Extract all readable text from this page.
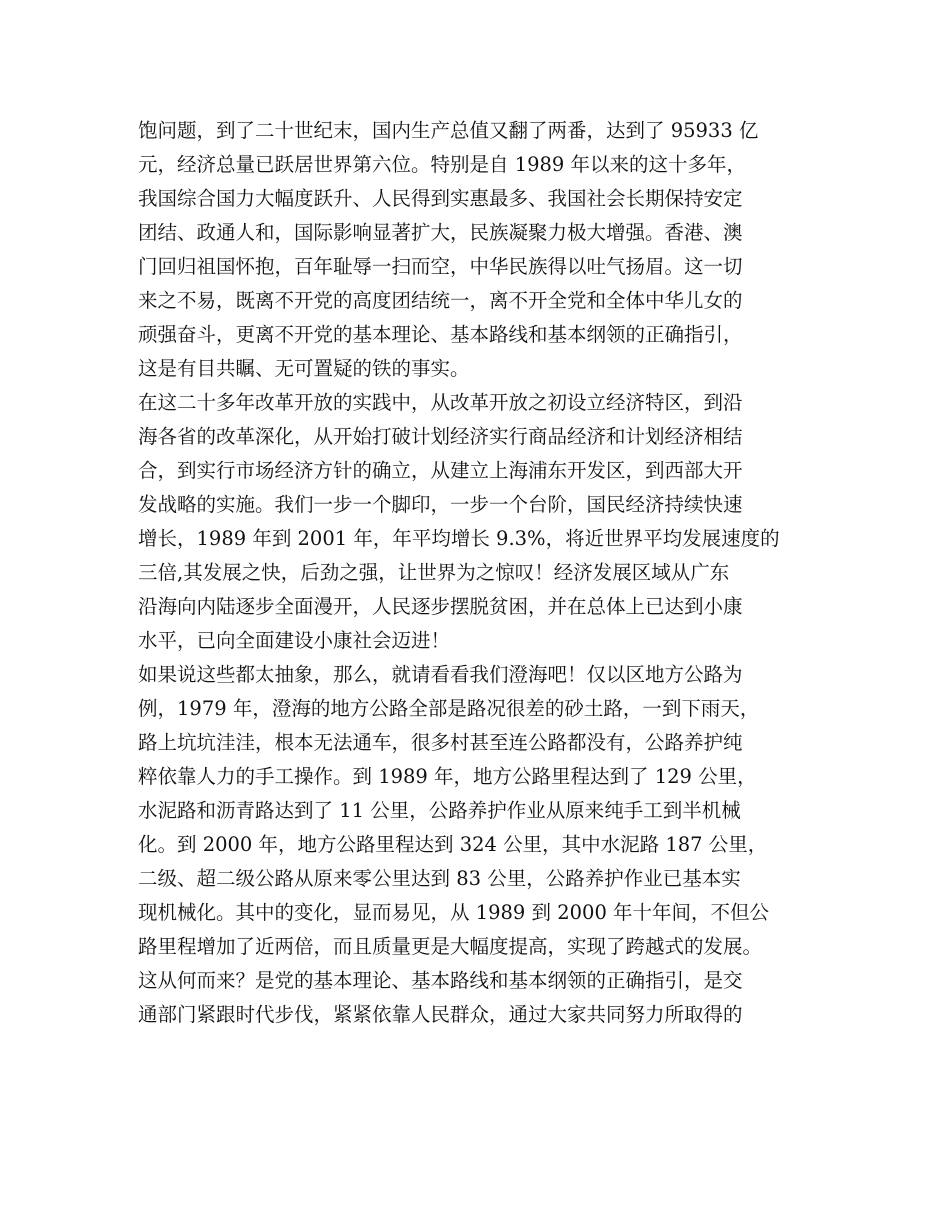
饱问题，到了二十世纪末，国内生产总值又翻了两番，达到了 95933 亿
元，经济总量已跃居世界第六位。特别是自 1989 年以来的这十多年，
我国综合国力大幅度跃升、人民得到实惠最多、我国社会长期保持安定
团结、政通人和，国际影响显著扩大，民族凝聚力极大增强。香港、澳
门回归祖国怀抱，百年耻辱一扫而空，中华民族得以吐气扬眉。这一切
来之不易，既离不开党的高度团结统一，离不开全党和全体中华儿女的
顽强奋斗，更离不开党的基本理论、基本路线和基本纲领的正确指引，
这是有目共瞩、无可置疑的铁的事实。
在这二十多年改革开放的实践中，从改革开放之初设立经济特区，到沿
海各省的改革深化，从开始打破计划经济实行商品经济和计划经济相结
合，到实行市场经济方针的确立，从建立上海浦东开发区，到西部大开
发战略的实施。我们一步一个脚印，一步一个台阶，国民经济持续快速
增长，1989 年到 2001 年，年平均增长 9.3%，将近世界平均发展速度的
三倍,其发展之快，后劲之强，让世界为之惊叹！经济发展区域从广东
沿海向内陆逐步全面漫开，人民逐步摆脱贫困，并在总体上已达到小康
水平，已向全面建设小康社会迈进！
如果说这些都太抽象，那么，就请看看我们澄海吧！仅以区地方公路为
例，1979 年，澄海的地方公路全部是路况很差的砂土路，一到下雨天，
路上坑坑洼洼，根本无法通车，很多村甚至连公路都没有，公路养护纯
粹依靠人力的手工操作。到 1989 年，地方公路里程达到了 129 公里，
水泥路和沥青路达到了 11 公里，公路养护作业从原来纯手工到半机械
化。到 2000 年，地方公路里程达到 324 公里，其中水泥路 187 公里，
二级、超二级公路从原来零公里达到 83 公里，公路养护作业已基本实
现机械化。其中的变化，显而易见，从 1989 到 2000 年十年间，不但公
路里程增加了近两倍，而且质量更是大幅度提高，实现了跨越式的发展。
这从何而来？是党的基本理论、基本路线和基本纲领的正确指引，是交
通部门紧跟时代步伐，紧紧依靠人民群众，通过大家共同努力所取得的
